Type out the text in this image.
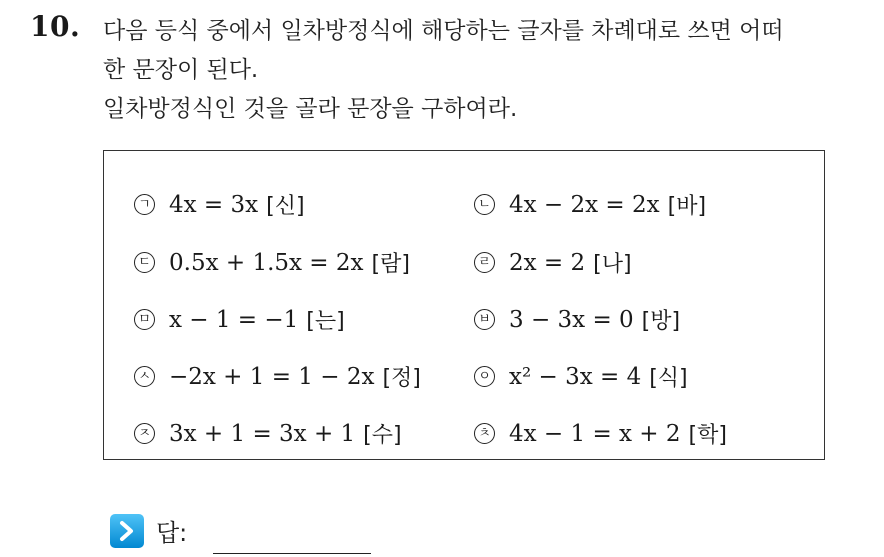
10. 다음 등식 중에서 일차방정식에 해당하는 글자를 차례대로 쓰면 어떠
한 문장이 된다.
일차방정식인 것을 골라 문장을 구하여라.
ㄱ 4x = 3x [신]	ㄴ 4x − 2x = 2x [바]
ㄷ 0.5x + 1.5x = 2x [람]	ㄹ 2x = 2 [나]
ㅁ x − 1 = −1 [는]	ㅂ 3 − 3x = 0 [방]
ㅅ −2x + 1 = 1 − 2x [정]	ㅇ x² − 3x = 4 [식]
ㅈ 3x + 1 = 3x + 1 [수]	ㅊ 4x − 1 = x + 2 [학]
답:
